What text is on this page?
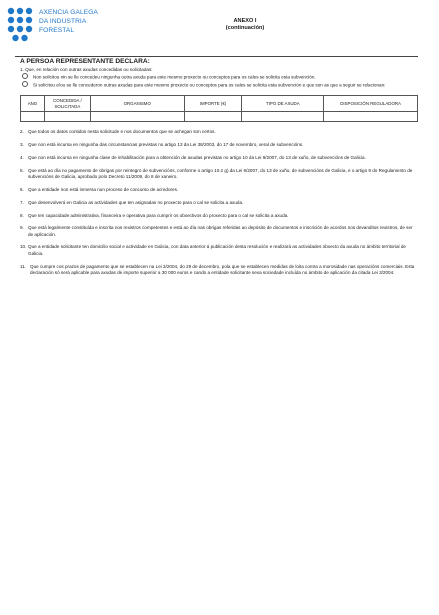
AXENCIA GALEGA
DA INDUSTRIA
FORESTAL
ANEXO I
(continuación)
A PERSOA REPRESENTANTE DECLARA:
1. Que, en relación con outras axudas concedidas ou solicitadas:
Non solicitou nin se lle concedeu ningunha outra axuda para este mesmo proxecto ou conceptos para os cales se solicita esta subvención.
Si solicitou e/ou se lle concederon outras axudas para este mesmo proxecto ou conceptos para os cales se solicita esta subvención e que son as que a seguir se relacionan:
ANO	CONCEDIDA / SOLICITADA	ORGANISMO	IMPORTE (€)	TIPO DE AXUDA	DISPOSICIÓN REGULADORA

2. Que todos os datos contidos nesta solicitude e nos documentos que se achegan son certos.
3. Que non está incursa en ningunha das circunstancias previstas no artigo 13 da Lei 38/2003, do 17 de novembro, xeral de subvencións.
4. Que non está incursa en ningunha clase de inhabilitación para a obtención de axudas previstas no artigo 10 da Lei 9/2007, do 13 de xuño, de subvencións de Galicia.
5. Que está ao día no pagamento de obrigas por reintegro de subvencións, conforme o artigo 10.2 g) da Lei 9/2007, do 13 de xuño, de subvencións de Galicia, e o artigo 9 do Regulamento de subvencións de Galicia, aprobado polo Decreto 11/2009, do 8 de xaneiro.
6. Que a entidade non está inmersa nun proceso de concurso de acredores.
7. Que desenvolverá en Galicia as actividades que ten asignadas no proxecto para o cal se solicita a axuda.
8. Que ten capacidade administrativa, financeira e operativa para cumprir os obxectivos do proxecto para o cal se solicita a axuda.
9. Que está legalmente constituída e inscrita nos rexistros competentes e está ao día nas obrigas referidas ao depósito de documentos e inscrición de acordos nos devanditos rexistros, de ser de aplicación.
10. Que a entidade solicitante ten domicilio social e actividade en Galicia, con data anterior á publicación desta resolución e realizará as actividades obxecto da axuda no ámbito territorial de Galicia.
11. Que cumpre cos prazos de pagamento que se establecen na Lei 3/2004, do 29 de decembro, pola que se establecen medidas de loita contra a morosidade nas operacións comerciais. Esta declaración só será aplicable para axudas de importe superior a 30 000 euros e cando a entidade solicitante sexa sociedade incluída no ámbito de aplicación da citada Lei 3/2004.
